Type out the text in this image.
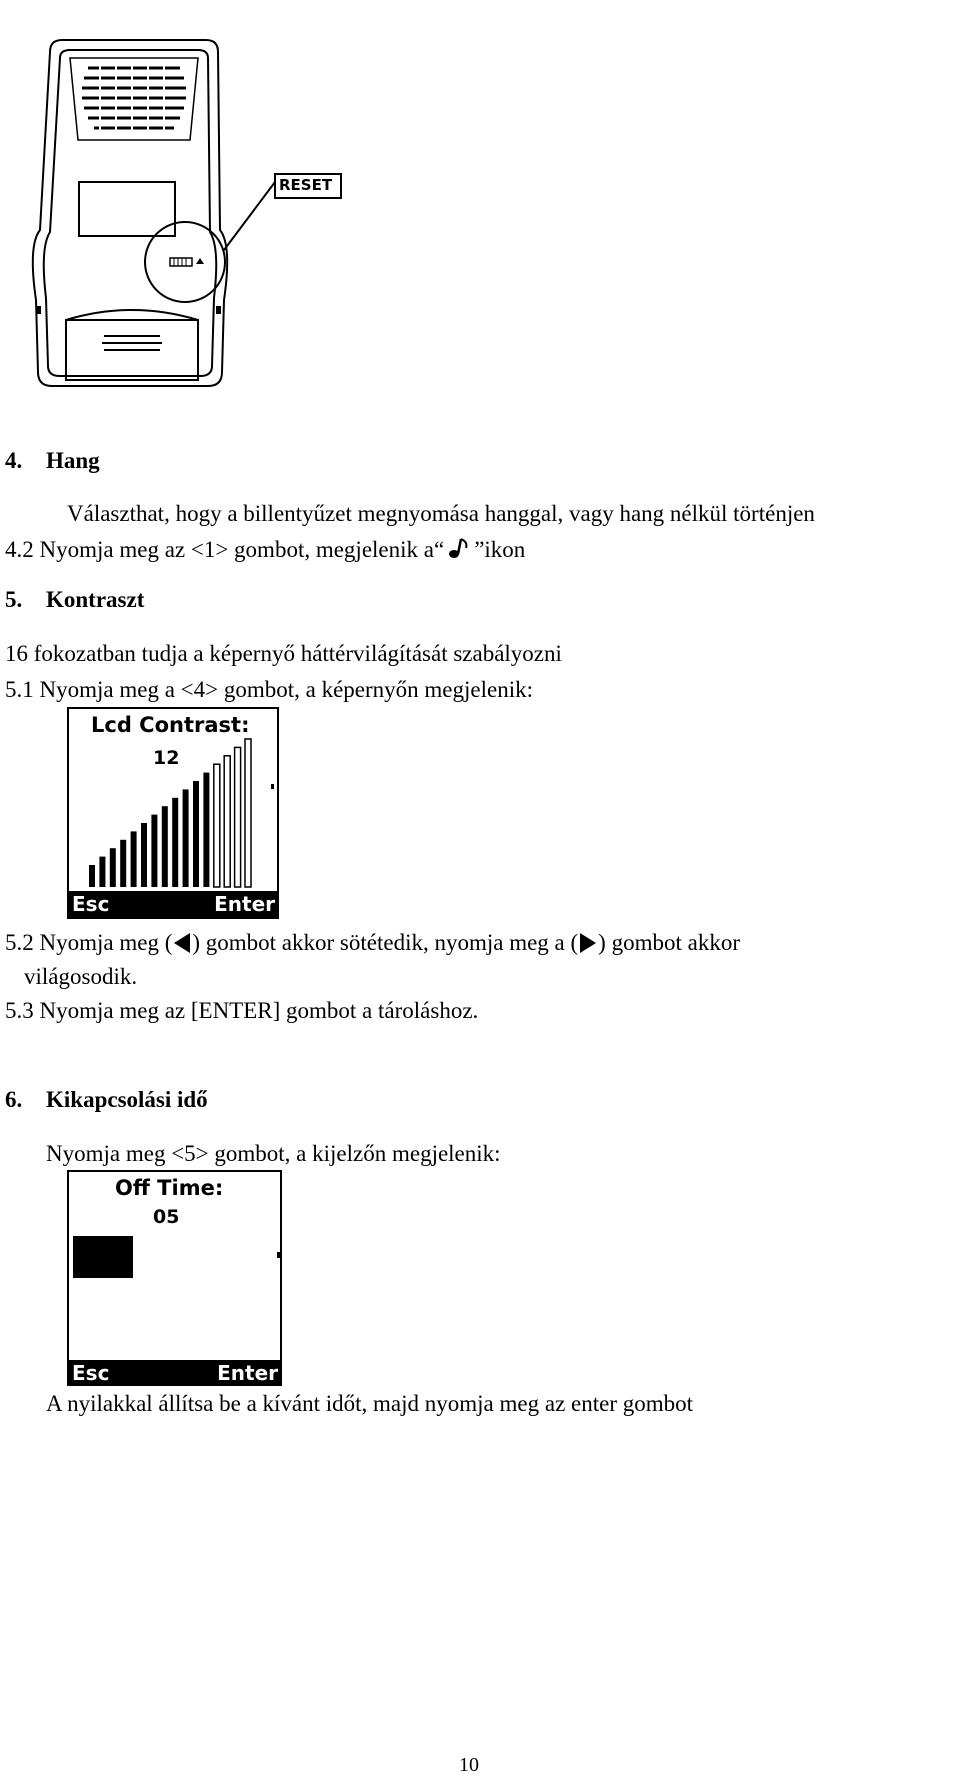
RESET
4. Hang
Választhat, hogy a billentyűzet megnyomása hanggal, vagy hang nélkül történjen
4.2 Nyomja meg az <1> gombot, megjelenik a“ ”ikon
5. Kontraszt
16 fokozatban tudja a képernyő háttérvilágítását szabályozni
5.1 Nyomja meg a <4> gombot, a képernyőn megjelenik:
Lcd Contrast:
12
Esc	Enter
5.2 Nyomja meg ( ) gombot akkor sötétedik, nyomja meg a ( ) gombot akkor
világosodik.
5.3 Nyomja meg az [ENTER] gombot a tároláshoz.
6. Kikapcsolási idő
Nyomja meg <5> gombot, a kijelzőn megjelenik:
Off Time:
05
Esc	Enter
A nyilakkal állítsa be a kívánt időt, majd nyomja meg az enter gombot
10
